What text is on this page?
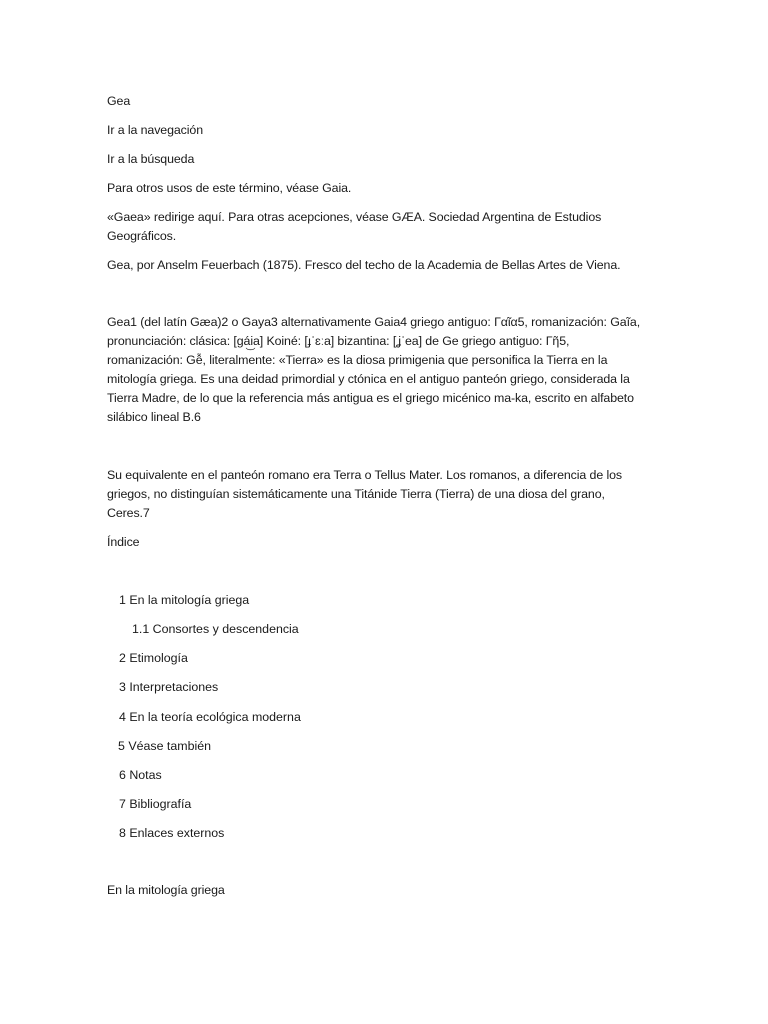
Gea
Ir a la navegación
Ir a la búsqueda
Para otros usos de este término, véase Gaia.
«Gaea» redirige aquí. Para otras acepciones, véase GÆA. Sociedad Argentina de Estudios
Geográficos.
Gea, por Anselm Feuerbach (1875). Fresco del techo de la Academia de Bellas Artes de Viena.
Gea1 (del latín Gæa)2 o Gaya3 alternativamente Gaia4 griego antiguo: Γαῖα5, romanización: Gaĩa,
pronunciación: clásica: [gá͜ia] Koiné: [ɟˈɛːa] bizantina: [ʝˈea] de Ge griego antiguo: Γῆ5,
romanización: Gễ, literalmente: «Tierra» es la diosa primigenia que personifica la Tierra en la
mitología griega. Es una deidad primordial y ctónica en el antiguo panteón griego, considerada la
Tierra Madre, de lo que la referencia más antigua es el griego micénico ma-ka, escrito en alfabeto
silábico lineal B.6
Su equivalente en el panteón romano era Terra o Tellus Mater. Los romanos, a diferencia de los
griegos, no distinguían sistemáticamente una Titánide Tierra (Tierra) de una diosa del grano,
Ceres.7
Índice
1 En la mitología griega
1.1 Consortes y descendencia
2 Etimología
3 Interpretaciones
4 En la teoría ecológica moderna
5 Véase también
6 Notas
7 Bibliografía
8 Enlaces externos
En la mitología griega
